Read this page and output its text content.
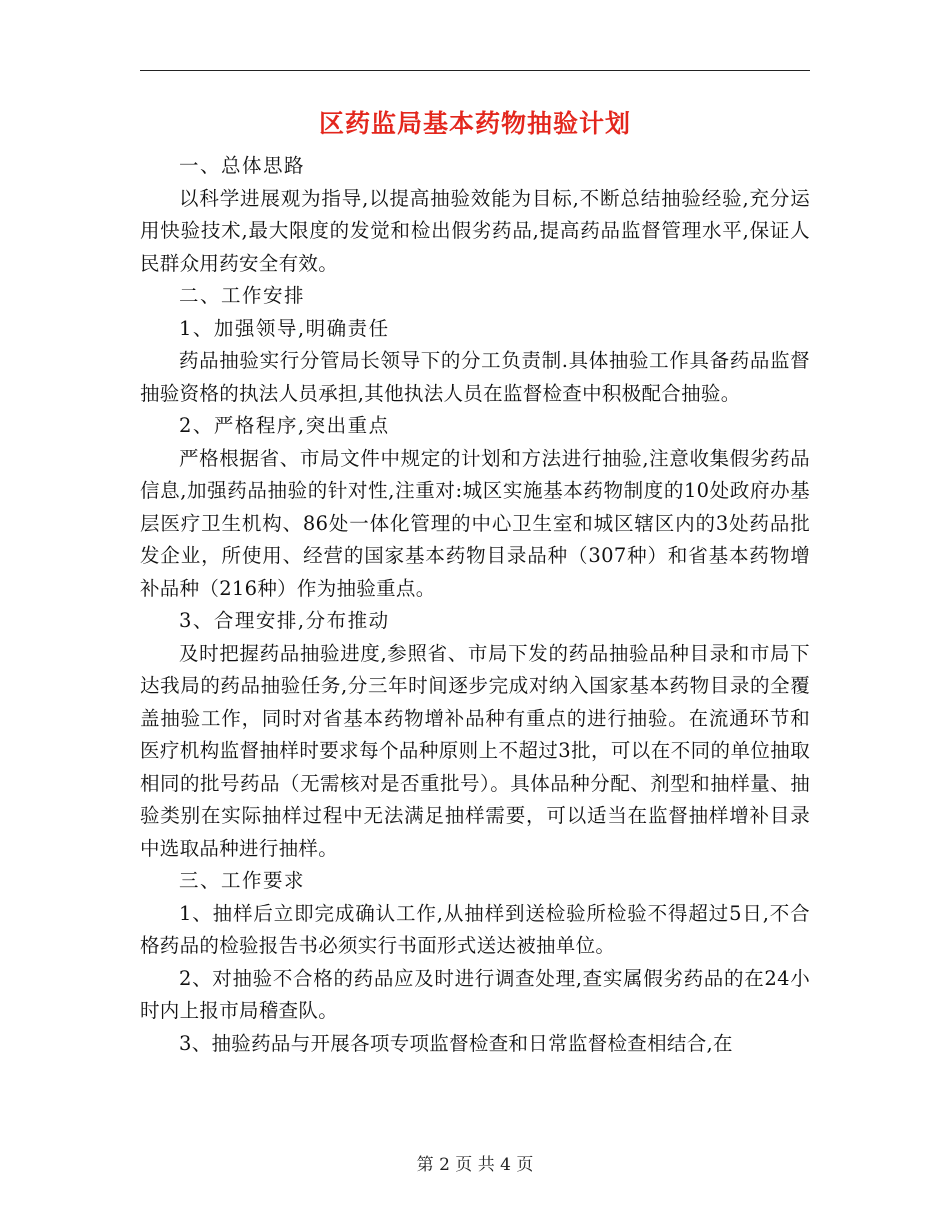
区药监局基本药物抽验计划

一、总体思路

以科学进展观为指导,以提高抽验效能为目标,不断总结抽验经验,充分运用快验技术,最大限度的发觉和检出假劣药品,提高药品监督管理水平,保证人民群众用药安全有效。

二、工作安排

1、加强领导,明确责任

药品抽验实行分管局长领导下的分工负责制.具体抽验工作具备药品监督抽验资格的执法人员承担,其他执法人员在监督检查中积极配合抽验。

2、严格程序,突出重点

严格根据省、市局文件中规定的计划和方法进行抽验,注意收集假劣药品信息,加强药品抽验的针对性,注重对:城区实施基本药物制度的10处政府办基层医疗卫生机构、86处一体化管理的中心卫生室和城区辖区内的3处药品批发企业，所使用、经营的国家基本药物目录品种（307种）和省基本药物增补品种（216种）作为抽验重点。

3、合理安排,分布推动

及时把握药品抽验进度,参照省、市局下发的药品抽验品种目录和市局下达我局的药品抽验任务,分三年时间逐步完成对纳入国家基本药物目录的全覆盖抽验工作，同时对省基本药物增补品种有重点的进行抽验。在流通环节和医疗机构监督抽样时要求每个品种原则上不超过3批，可以在不同的单位抽取相同的批号药品（无需核对是否重批号）。具体品种分配、剂型和抽样量、抽验类别在实际抽样过程中无法满足抽样需要，可以适当在监督抽样增补目录中选取品种进行抽样。

三、工作要求

1、抽样后立即完成确认工作,从抽样到送检验所检验不得超过5日,不合格药品的检验报告书必须实行书面形式送达被抽单位。

2、对抽验不合格的药品应及时进行调查处理,查实属假劣药品的在24小时内上报市局稽查队。

3、抽验药品与开展各项专项监督检查和日常监督检查相结合,在

第 2 页 共 4 页
